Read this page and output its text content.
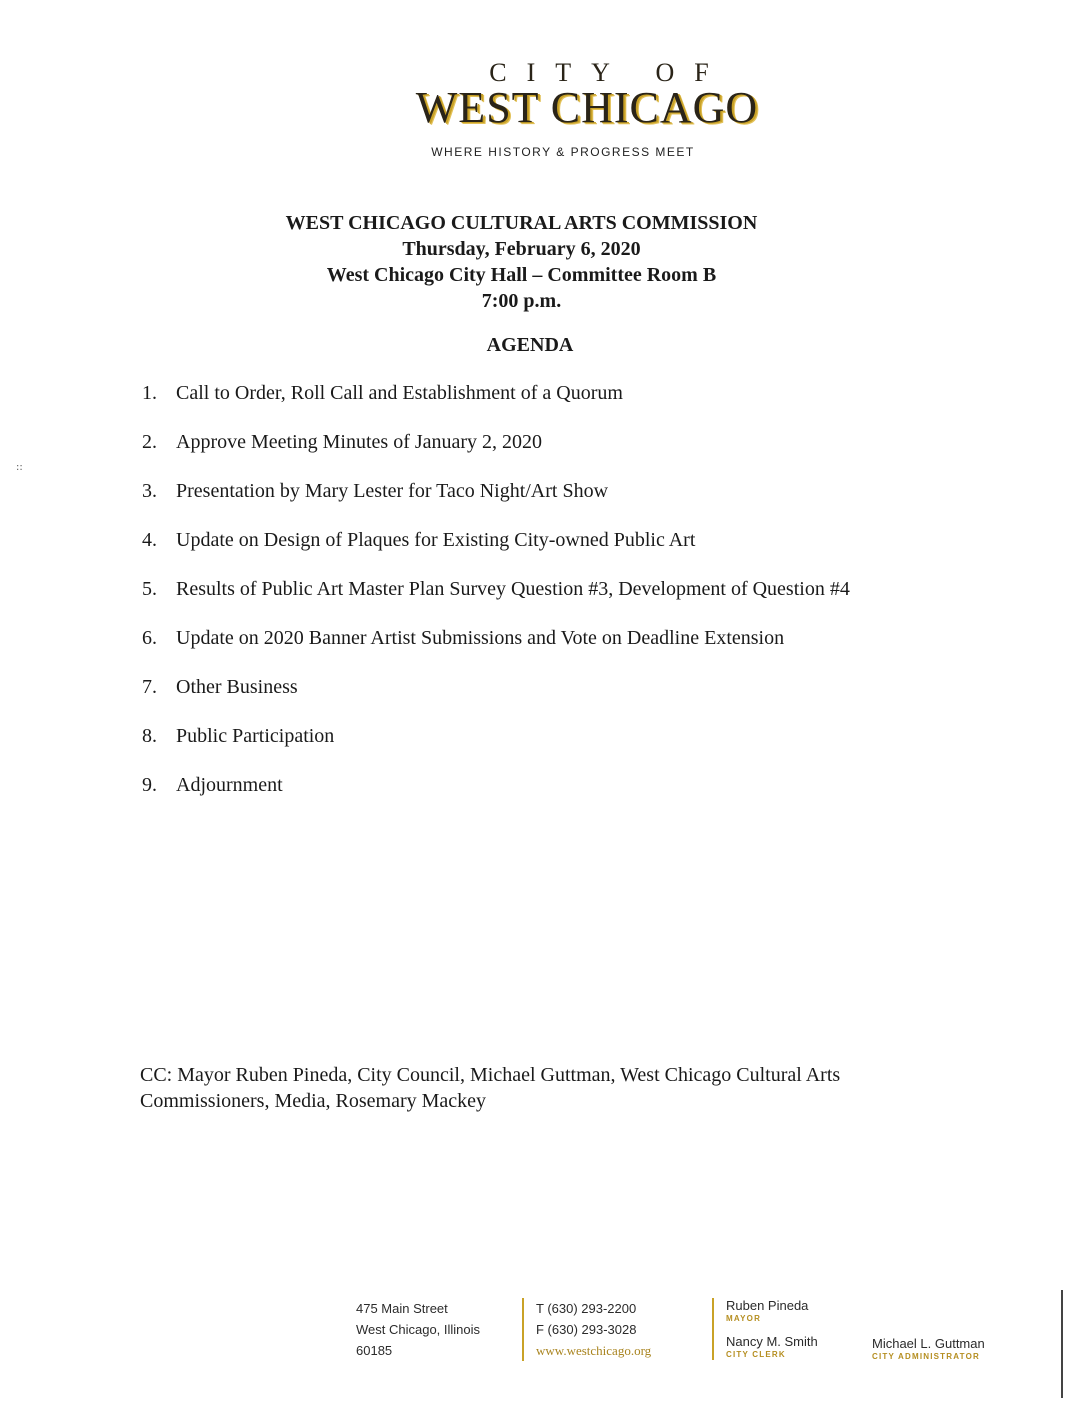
CITY OF
WEST CHICAGO
WHERE HISTORY & PROGRESS MEET
WEST CHICAGO CULTURAL ARTS COMMISSION
Thursday, February 6, 2020
West Chicago City Hall – Committee Room B
7:00 p.m.
AGENDA
::
1. Call to Order, Roll Call and Establishment of a Quorum
2. Approve Meeting Minutes of January 2, 2020
3. Presentation by Mary Lester for Taco Night/Art Show
4. Update on Design of Plaques for Existing City-owned Public Art
5. Results of Public Art Master Plan Survey Question #3, Development of Question #4
6. Update on 2020 Banner Artist Submissions and Vote on Deadline Extension
7. Other Business
8. Public Participation
9. Adjournment
CC: Mayor Ruben Pineda, City Council, Michael Guttman, West Chicago Cultural Arts
Commissioners, Media, Rosemary Mackey
475 Main Street
West Chicago, Illinois
60185
T (630) 293-2200
F (630) 293-3028
www.westchicago.org
Ruben Pineda
MAYOR
Nancy M. Smith
CITY CLERK
Michael L. Guttman
CITY ADMINISTRATOR
